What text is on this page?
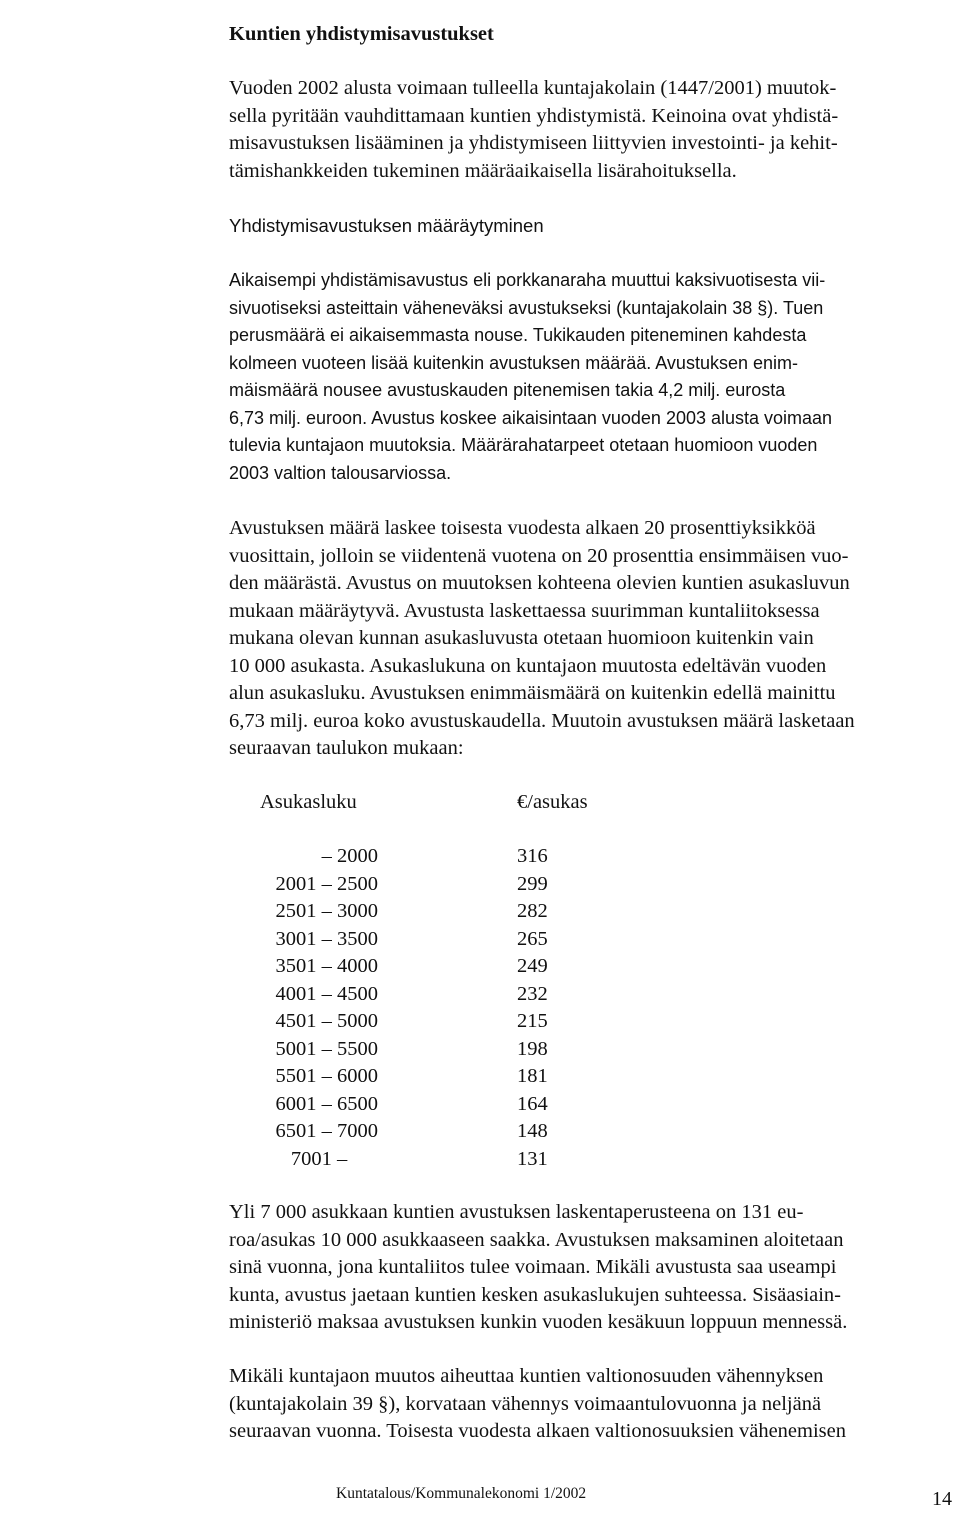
Kuntien yhdistymisavustukset
Vuoden 2002 alusta voimaan tulleella kuntajakolain (1447/2001) muutok-
sella pyritään vauhdittamaan kuntien yhdistymistä. Keinoina ovat yhdistä-
misavustuksen lisääminen ja yhdistymiseen liittyvien investointi- ja kehit-
tämishankkeiden tukeminen määräaikaisella lisärahoituksella.
Yhdistymisavustuksen määräytyminen
Aikaisempi yhdistämisavustus eli porkkanaraha muuttui kaksivuotisesta vii-
sivuotiseksi asteittain väheneväksi avustukseksi (kuntajakolain 38 §). Tuen
perusmäärä ei aikaisemmasta nouse. Tukikauden piteneminen kahdesta
kolmeen vuoteen lisää kuitenkin avustuksen määrää. Avustuksen enim-
mäismäärä nousee avustuskauden pitenemisen takia 4,2 milj. eurosta
6,73 milj. euroon. Avustus koskee aikaisintaan vuoden 2003 alusta voimaan
tulevia kuntajaon muutoksia. Määrärahatarpeet otetaan huomioon vuoden
2003 valtion talousarviossa.
Avustuksen määrä laskee toisesta vuodesta alkaen 20 prosenttiyksikköä
vuosittain, jolloin se viidentenä vuotena on 20 prosenttia ensimmäisen vuo-
den määrästä. Avustus on muutoksen kohteena olevien kuntien asukasluvun
mukaan määräytyvä. Avustusta laskettaessa suurimman kuntaliitoksessa
mukana olevan kunnan asukasluvusta otetaan huomioon kuitenkin vain
10 000 asukasta. Asukaslukuna on kuntajaon muutosta edeltävän vuoden
alun asukasluku. Avustuksen enimmäismäärä on kuitenkin edellä mainittu
6,73 milj. euroa koko avustuskaudella. Muutoin avustuksen määrä lasketaan
seuraavan taulukon mukaan:
Asukasluku	€/asukas
– 2000	316
2001 – 2500	299
2501 – 3000	282
3001 – 3500	265
3501 – 4000	249
4001 – 4500	232
4501 – 5000	215
5001 – 5500	198
5501 – 6000	181
6001 – 6500	164
6501 – 7000	148
7001 –	131
Yli 7 000 asukkaan kuntien avustuksen laskentaperusteena on 131 eu-
roa/asukas 10 000 asukkaaseen saakka. Avustuksen maksaminen aloitetaan
sinä vuonna, jona kuntaliitos tulee voimaan. Mikäli avustusta saa useampi
kunta, avustus jaetaan kuntien kesken asukaslukujen suhteessa. Sisäasiain-
ministeriö maksaa avustuksen kunkin vuoden kesäkuun loppuun mennessä.
Mikäli kuntajaon muutos aiheuttaa kuntien valtionosuuden vähennyksen
(kuntajakolain 39 §), korvataan vähennys voimaantulovuonna ja neljänä
seuraavan vuonna. Toisesta vuodesta alkaen valtionosuuksien vähenemisen
Kuntatalous/Kommunalekonomi 1/2002	14
